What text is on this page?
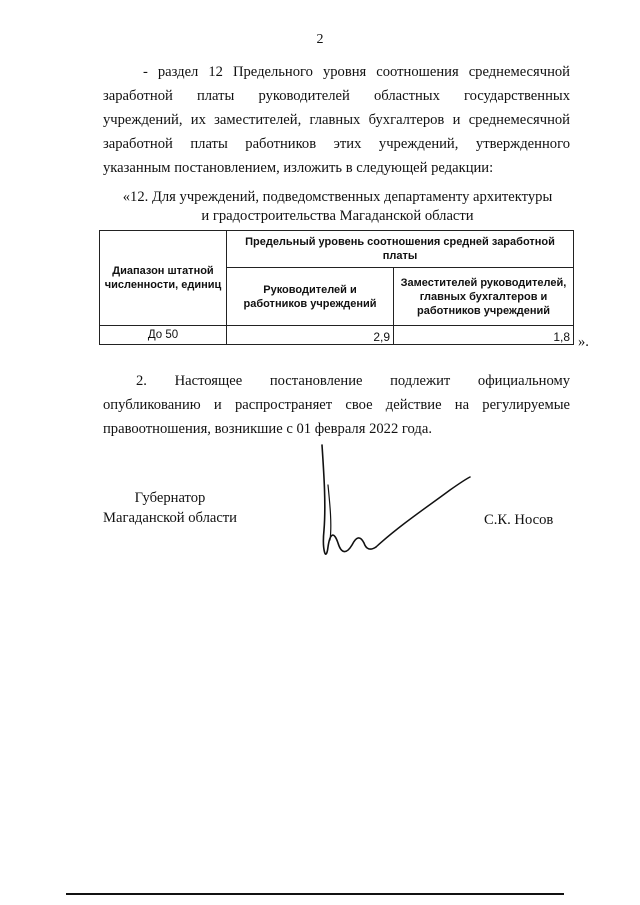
2

- раздел 12 Предельного уровня соотношения среднемесячной заработной платы руководителей областных государственных учреждений, их заместителей, главных бухгалтеров и среднемесячной заработной платы работников этих учреждений, утвержденного указанным постановлением, изложить в следующей редакции:

«12. Для учреждений, подведомственных департаменту архитектуры
и градостроительства Магаданской области
Диапазон штатной численности, единиц	Предельный уровень соотношения средней заработной платы	
	Руководителей и работников учреждений	Заместителей руководителей, главных бухгалтеров и работников учреждений
До 50	2,9	1,8 ».

2. Настоящее постановление подлежит официальному опубликованию и распространяет свое действие на регулируемые правоотношения, возникшие с 01 февраля 2022 года.

Губернатор
Магаданской области	С.К. Носов
